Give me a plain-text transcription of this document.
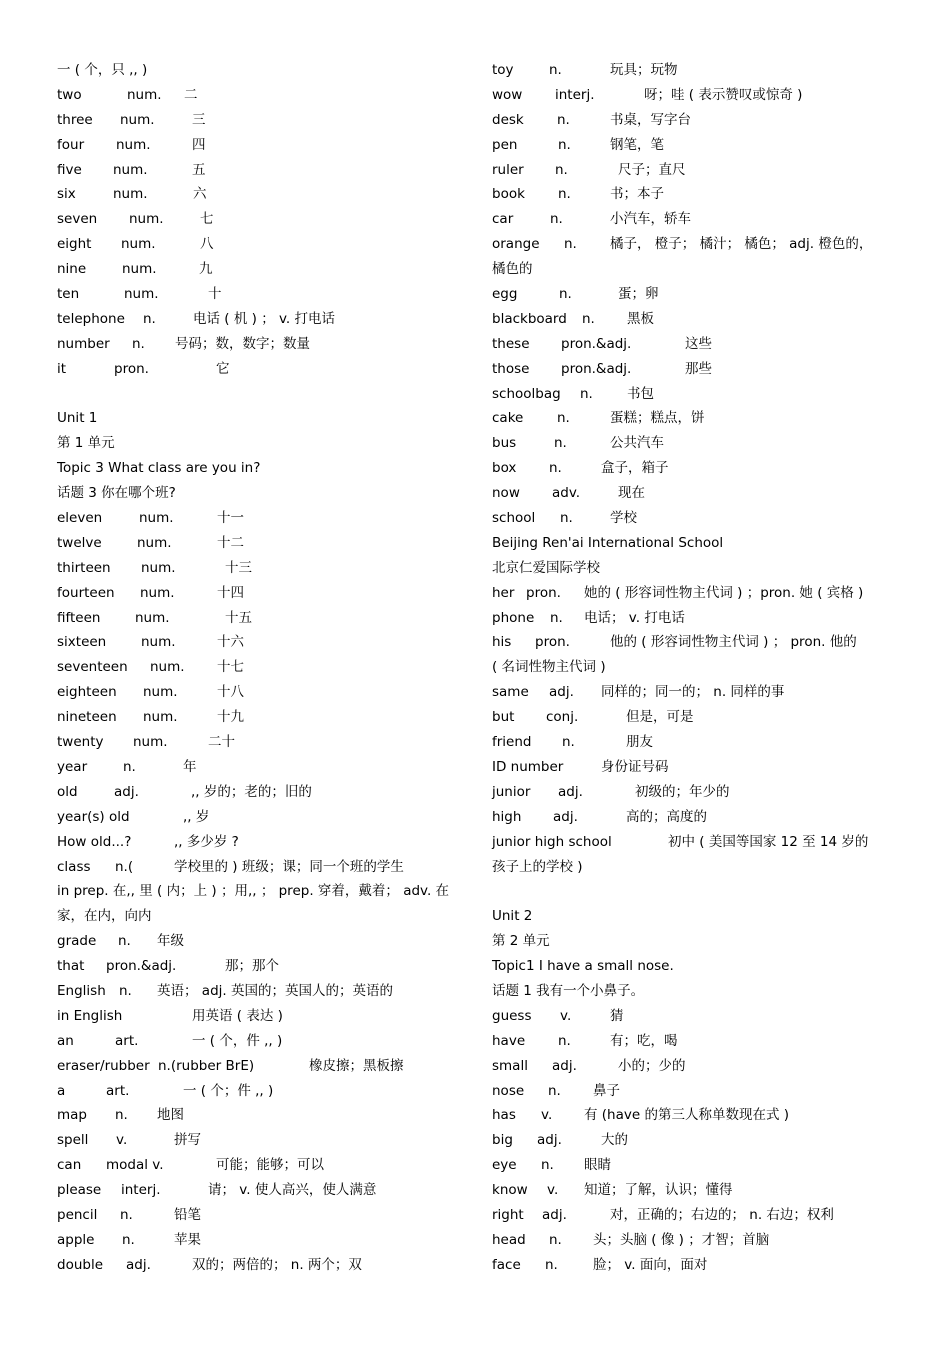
一 ( 个，只 ,, )
two	num. 二
three num.	三
four num.	四
five num.	五
six	num.	六
seven num.	七
eight num.	八
nine	num.	九
ten	num.	十
telephone n.	电话 ( 机 ) ； v. 打电话
number n. 号码；数，数字；数量
it	pron.	它
Unit 1
第 1 单元
Topic 3 What class are you in?
话题 3 你在哪个班?
eleven	num.	十一
twelve	num.	十二
thirteen num.	十三
fourteen num.	十四
fifteen	num.	十五
sixteen	num.	十六
seventeen num. 十七
eighteen num.	十八
nineteen num.	十九
twenty num.	二十
year	n.	年
old	adj.	,, 岁的；老的；旧的
year(s) old	,, 岁
How old...?	,, 多少岁 ?
class n.(	学校里的 ) 班级；课；同一个班的学生
in prep. 在,, 里 ( 内；上 ) ；用,, ； prep. 穿着，戴着； adv. 在家，在内，向内
grade n. 年级
that pron.&adj.	那；那个
English n. 英语； adj. 英国的；英国人的；英语的
in English	用英语 ( 表达 )
an	art.	一 ( 个，件 ,, )
eraser/rubber n.(rubber BrE)	橡皮擦；黑板擦
a	art.	一 ( 个；件 ,, )
map n. 地图
spell v.	拼写
can modal v.	可能；能够；可以
please interj.	请； v. 使人高兴，使人满意
pencil n.	铅笔
apple n.	苹果
double adj.	双的；两倍的； n. 两个；双
toy	n.	玩具；玩物
wow interj.	呀；哇 ( 表示赞叹或惊奇 )
desk n.	书桌，写字台
pen	n.	钢笔，笔
ruler n.	尺子；直尺
book n.	书；本子
car	n.	小汽车，轿车
orange n. 橘子， 橙子； 橘汁； 橘色； adj. 橙色的，
橘色的
egg	n.	蛋；卵
blackboard n. 黑板
these pron.&adj.	这些
those pron.&adj.	那些
schoolbag n.	书包
cake n.	蛋糕；糕点，饼
bus	n.	公共汽车
box n.	盒子，箱子
now adv.	现在
school n.	学校
Beijing Ren'ai International School
北京仁爱国际学校
her pron. 她的 ( 形容词性物主代词 ) ；pron. 她 ( 宾格 )
phone n. 电话； v. 打电话
his pron.	他的 ( 形容词性物主代词 ) ； pron. 他的
( 名词性物主代词 )
same adj. 同样的；同一的； n. 同样的事
but conj.	但是，可是
friend n.	朋友
ID number	身份证号码
junior adj.	初级的；年少的
high adj.	高的；高度的
junior high school	初中 ( 美国等国家 12 至 14 岁的
孩子上的学校 )
Unit 2
第 2 单元
Topic1 I have a small nose.
话题 1 我有一个小鼻子。
guess v.	猜
have n.	有；吃，喝
small adj.	小的；少的
nose n. 鼻子
has v. 有 (have 的第三人称单数现在式 )
big adj.	大的
eye n. 眼睛
know v. 知道；了解，认识；懂得
right adj.	对，正确的；右边的； n. 右边；权利
head n. 头；头脑 ( 像 ) ；才智；首脑
face n.	脸； v. 面向，面对
